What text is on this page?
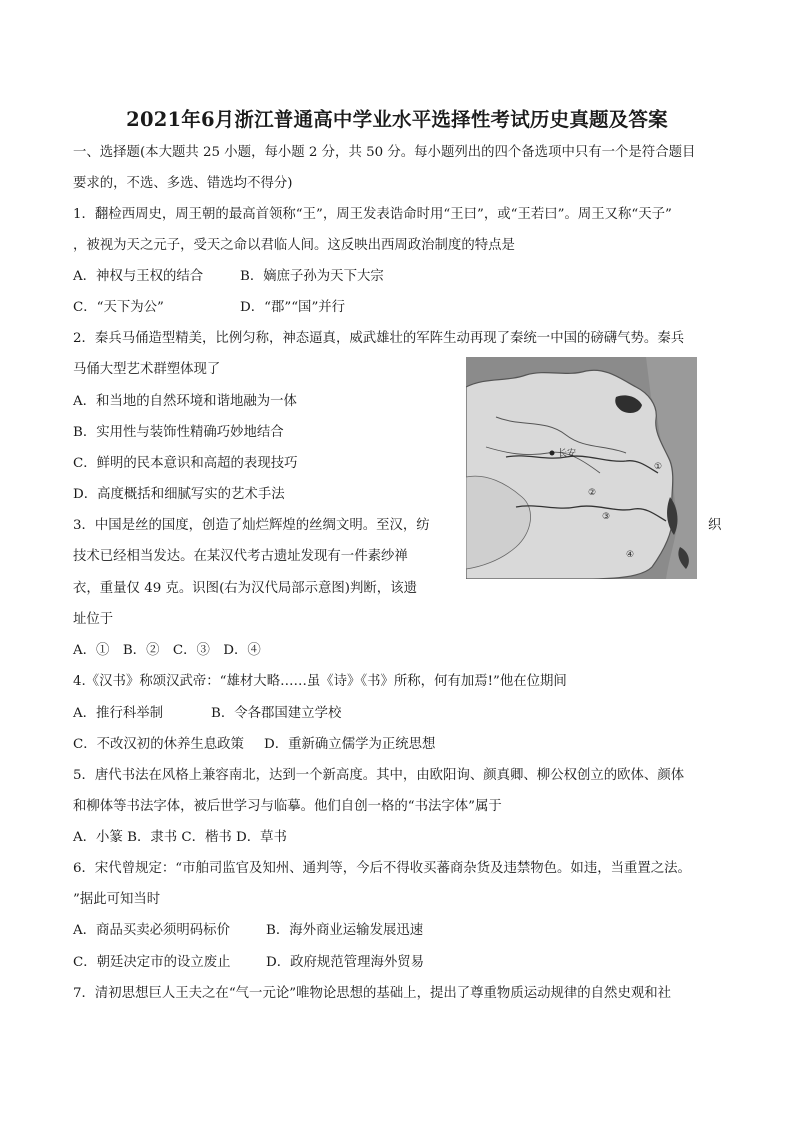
2021年6月浙江普通高中学业水平选择性考试历史真题及答案
一、选择题(本大题共 25 小题，每小题 2 分，共 50 分。每小题列出的四个备选项中只有一个是符合题目
要求的，不选、多选、错选均不得分)
1．翻检西周史，周王朝的最高首领称“王”，周王发表诰命时用“王曰”，或“王若曰”。周王又称“天子”
，被视为天之元子，受天之命以君临人间。这反映出西周政治制度的特点是
A．神权与王权的结合	B．嫡庶子孙为天下大宗
C．“天下为公”	D．“郡”“国”并行
2．秦兵马俑造型精美，比例匀称，神态逼真，威武雄壮的军阵生动再现了秦统一中国的磅礴气势。秦兵
马俑大型艺术群塑体现了
A．和当地的自然环境和谐地融为一体
B．实用性与装饰性精确巧妙地结合
C．鲜明的民本意识和高超的表现技巧
D．高度概括和细腻写实的艺术手法
3．中国是丝的国度，创造了灿烂辉煌的丝绸文明。至汉，纺	织
技术已经相当发达。在某汉代考古遗址发现有一件素纱禅
衣，重量仅 49 克。识图(右为汉代局部示意图)判断，该遗
址位于
A．①　B．②　C．③　D．④
长安
①
②
③
④
4.《汉书》称颂汉武帝：“雄材大略……虽《诗》《书》所称，何有加焉!”他在位期间
A．推行科举制	B．令各郡国建立学校
C．不改汉初的休养生息政策 D．重新确立儒学为正统思想
5．唐代书法在风格上兼容南北，达到一个新高度。其中，由欧阳询、颜真卿、柳公权创立的欧体、颜体
和柳体等书法字体，被后世学习与临摹。他们自创一格的“书法字体”属于
A．小篆 B．隶书 C．楷书 D．草书
6．宋代曾规定：“市舶司监官及知州、通判等，今后不得收买蕃商杂货及违禁物色。如违，当重置之法。
”据此可知当时
A．商品买卖必须明码标价	B．海外商业运输发展迅速
C．朝廷决定市的设立废止	D．政府规范管理海外贸易
7．清初思想巨人王夫之在“气一元论”唯物论思想的基础上，提出了尊重物质运动规律的自然史观和社
